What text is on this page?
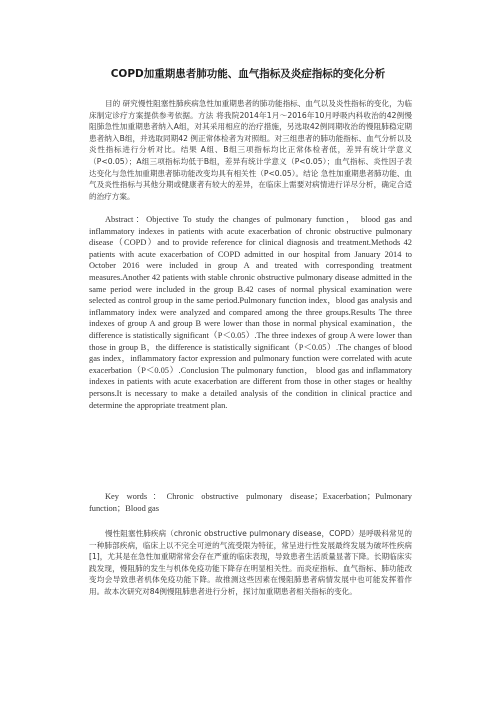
COPD加重期患者肺功能、血气指标及炎症指标的变化分析

目的 研究慢性阻塞性肺疾病急性加重期患者的肺功能指标、血气以及炎性指标的变化，为临床制定诊疗方案提供参考依据。方法 将我院2014年1月～2016年10月呼吸内科收治的42例慢阻肺急性加重期患者纳入A组，对其采用相应的治疗措施，另选取42例同期收治的慢阻肺稳定期患者纳入B组，并选取同期42 例正常体检者为对照组。对三组患者的肺功能指标、血气分析以及炎性指标进行分析对比。结果 A组、B组三项指标均比正常体检者低，差异有统计学意义（P<0.05）；A组三项指标均低于B组，差异有统计学意义（P<0.05）；血气指标、炎性因子表达变化与急性加重期患者肺功能改变均具有相关性（P<0.05）。结论 急性加重期患者肺功能、血气及炎性指标与其他分期或健康者有较大的差异，在临床上需要对病情进行详尽分析，确定合适的治疗方案。

Abstract：Objective To study the changes of pulmonary function， blood gas and inflammatory indexes in patients with acute exacerbation of chronic obstructive pulmonary disease（COPD）and to provide reference for clinical diagnosis and treatment.Methods 42 patients with acute exacerbation of COPD admitted in our hospital from January 2014 to October 2016 were included in group A and treated with corresponding treatment measures.Another 42 patients with stable chronic obstructive pulmonary disease admitted in the same period were included in the group B.42 cases of normal physical examination were selected as control group in the same period.Pulmonary function index，blood gas analysis and inflammatory index were analyzed and compared among the three groups.Results The three indexes of group A and group B were lower than those in normal physical examination，the difference is statistically significant（P＜0.05）.The three indexes of group A were lower than those in group B，the difference is statistically significant（P＜0.05）.The changes of blood gas index，inflammatory factor expression and pulmonary function were correlated with acute exacerbation（P＜0.05）.Conclusion The pulmonary function， blood gas and inflammatory indexes in patients with acute exacerbation are different from those in other stages or healthy persons.It is necessary to make a detailed analysis of the condition in clinical practice and determine the appropriate treatment plan.

Key words：Chronic obstructive pulmonary disease；Exacerbation；Pulmonary function；Blood gas

慢性阻塞性肺疾病（chronic obstructive pulmonary disease，COPD）是呼吸科常见的一种肺部疾病，临床上以不完全可逆的气流受限为特征，常呈进行性发展最终发展为破坏性疾病[1]，尤其是在急性加重期常常会存在严重的临床表现，导致患者生活质量显著下降。长期临床实践发现，慢阻肺的发生与机体免疫功能下降存在明显相关性。而炎症指标、血气指标、肺功能改变均会导致患者机体免疫功能下降。故推测这些因素在慢阻肺患者病情发展中也可能发挥着作用。故本次研究对84例慢阻肺患者进行分析，探讨加重期患者相关指标的变化。
